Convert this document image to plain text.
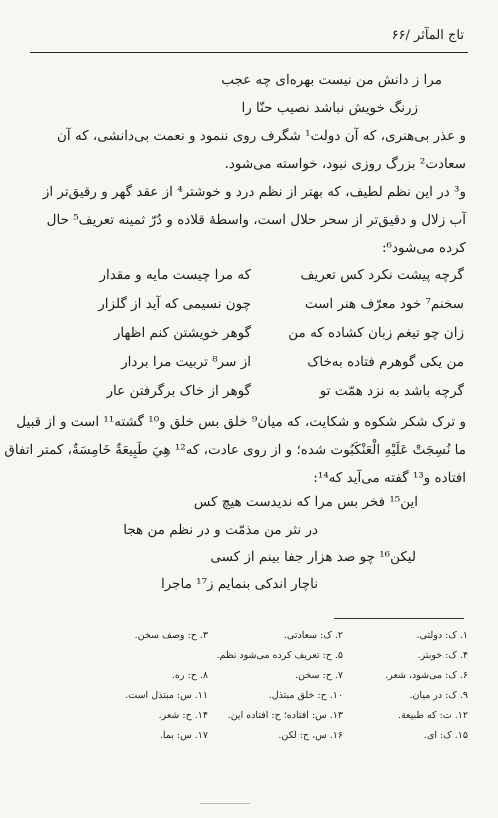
تاج المآثر /۶۶
مرا ز دانش من نیست بهره‌ای چه عجب
زرنگ خویش نباشد نصیب حنّا را
و عذر بی‌هنری، که آن دولت¹ شگرف روی ننمود و نعمت بی‌دانشی، که آن
سعادت² بزرگ روزی نبود، خواسته می‌شود.
و³ در این نظم لطیف، که بهتر از نظم درد و خوشتر⁴ از عقد گهر و رقیق‌تر از
آب زلال و دقیق‌تر از سحر حلال است، واسطهٔ قلاده و دُرّ ثمینه تعریف⁵ حال
کرده می‌شود⁶:
گرچه پیشت نکرد کس تعریف
که مرا چیست مایه و مقدار
سخنم⁷ خود معرّف هنر است
چون نسیمی که آید از گلزار
زان چو تیغم زبان کشاده که من
گوهر خویشتن کنم اظهار
من یکی گوهرم فتاده به‌خاک
از سر⁸ تربیت مرا بردار
گرچه باشد به نزد همّت تو
گوهر از خاک برگرفتن عار
و ترک شکر شکوه و شکایت، که میان⁹ خلق بس خلق و¹⁰ گشته¹¹ است و از قبیل
ما نُسِجَتْ عَلَيْهِ الْعَنْكَبُوت شده؛ و از روی عادت، که¹² هِيَ طَبِيعَةٌ خَامِسَةٌ، کمتر اتفاق
افتاده و¹³ گفته می‌آید که¹⁴:
این¹⁵ فخر بس مرا که ندیدست هیچ کس
در نثر من مذمّت و در نظم من هجا
لیکن¹⁶ چو صد هزار جفا بینم از کسی
ناچار اندکی بنمایم ز¹⁷ ماجرا
۱. ک: دولتی.
۲. ک: سعادتی.
۳. ح: وصف سخن.
۴. ک: خوبتر.
۵. ح: تعریف کرده می‌شود نظم.
۶. ک: می‌شود، شعر.
۷. ح: سخن.
۸. ح: ره.
۹. ک: در میان.
۱۰. ح: خلق مبتذل.
۱۱. س: مبتذل است.
۱۲. ت: که طبیعة.
۱۳. س: افتاده؛ ح: افتاده این.
۱۴. ح: شعر.
۱۵. ک: ای.
۱۶. س، ح: لکن.
۱۷. س: بما.
